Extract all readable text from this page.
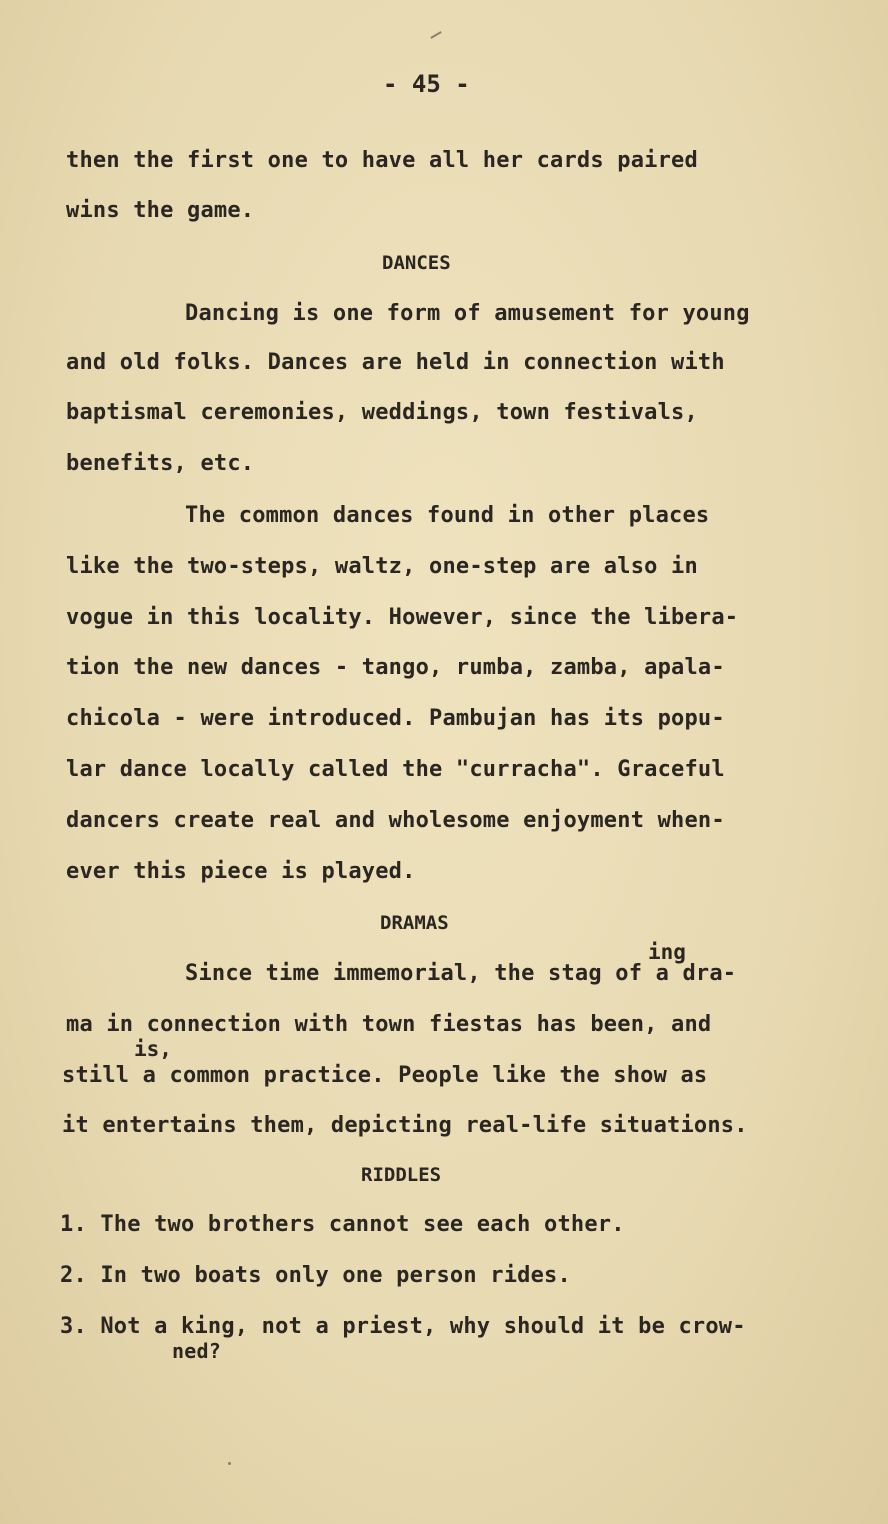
- 45 -
then the first one to have all her cards paired
wins the game.
DANCES
Dancing is one form of amusement for young
and old folks. Dances are held in connection with
baptismal ceremonies, weddings, town festivals,
benefits, etc.
The common dances found in other places
like the two-steps, waltz, one-step are also in
vogue in this locality. However, since the libera-
tion the new dances - tango, rumba, zamba, apala-
chicola - were introduced. Pambujan has its popu-
lar dance locally called the "curracha". Graceful
dancers create real and wholesome enjoyment when-
ever this piece is played.
DRAMAS
ing
Since time immemorial, the stag of a dra-
ma in connection with town fiestas has been, and
is,
still a common practice. People like the show as
it entertains them, depicting real-life situations.
RIDDLES
1. The two brothers cannot see each other.
2. In two boats only one person rides.
3. Not a king, not a priest, why should it be crow-
ned?
